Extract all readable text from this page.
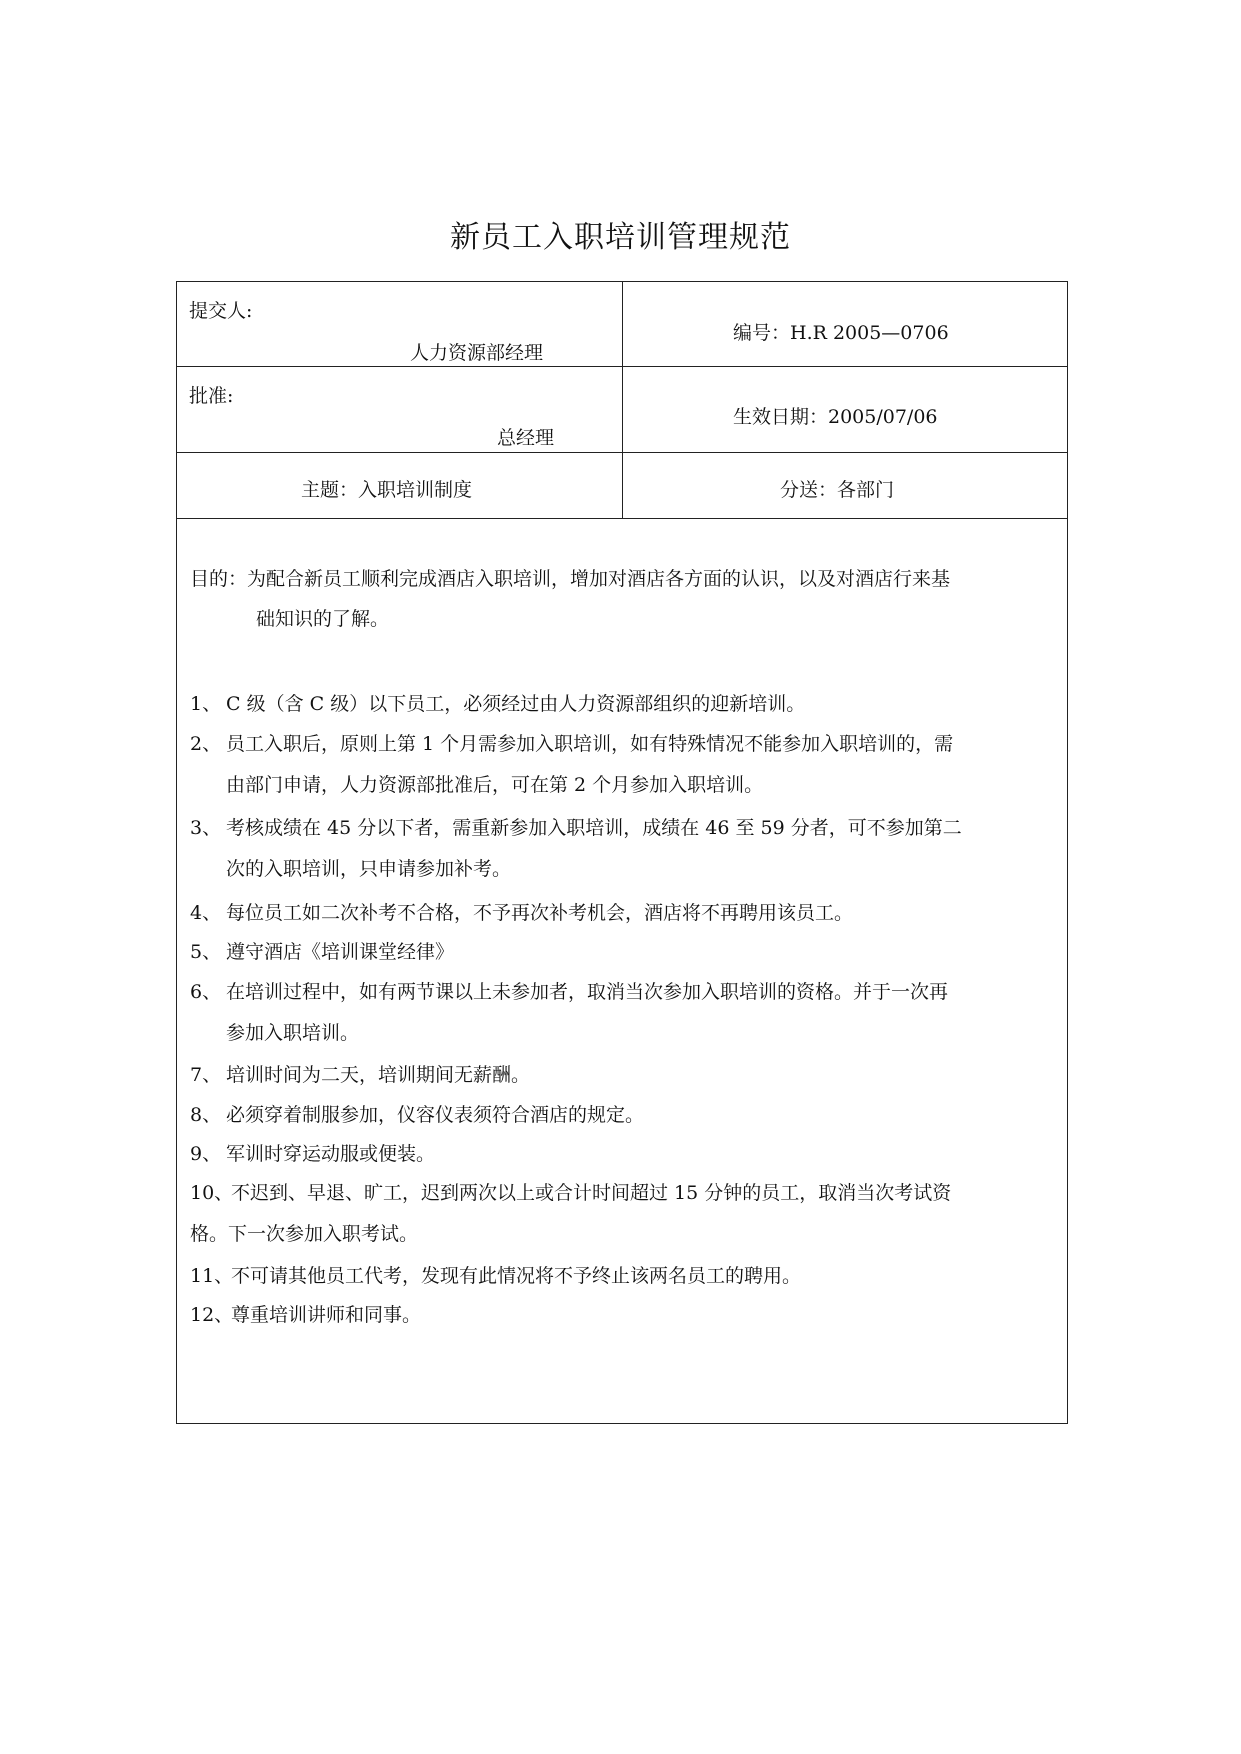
新员工入职培训管理规范
提交人:
人力资源部经理
编号：H.R 2005—0706
批准:
总经理
生效日期：2005/07/06
主题：入职培训制度	分送：各部门
目的：为配合新员工顺利完成酒店入职培训，增加对酒店各方面的认识，以及对酒店行来基
础知识的了解。
1、 C 级（含 C 级）以下员工，必须经过由人力资源部组织的迎新培训。
2、 员工入职后，原则上第 1 个月需参加入职培训，如有特殊情况不能参加入职培训的，需
由部门申请，人力资源部批准后，可在第 2 个月参加入职培训。
3、 考核成绩在 45 分以下者，需重新参加入职培训，成绩在 46 至 59 分者，可不参加第二
次的入职培训，只申请参加补考。
4、 每位员工如二次补考不合格，不予再次补考机会，酒店将不再聘用该员工。
5、 遵守酒店《培训课堂经律》
6、 在培训过程中，如有两节课以上未参加者，取消当次参加入职培训的资格。并于一次再
参加入职培训。
7、 培训时间为二天，培训期间无薪酬。
8、 必须穿着制服参加，仪容仪表须符合酒店的规定。
9、 军训时穿运动服或便装。
10、
不迟到、早退、旷工，迟到两次以上或合计时间超过 15 分钟的员工，取消当次考试资
格。下一次参加入职考试。
11、
不可请其他员工代考，发现有此情况将不予终止该两名员工的聘用。
12、
尊重培训讲师和同事。
